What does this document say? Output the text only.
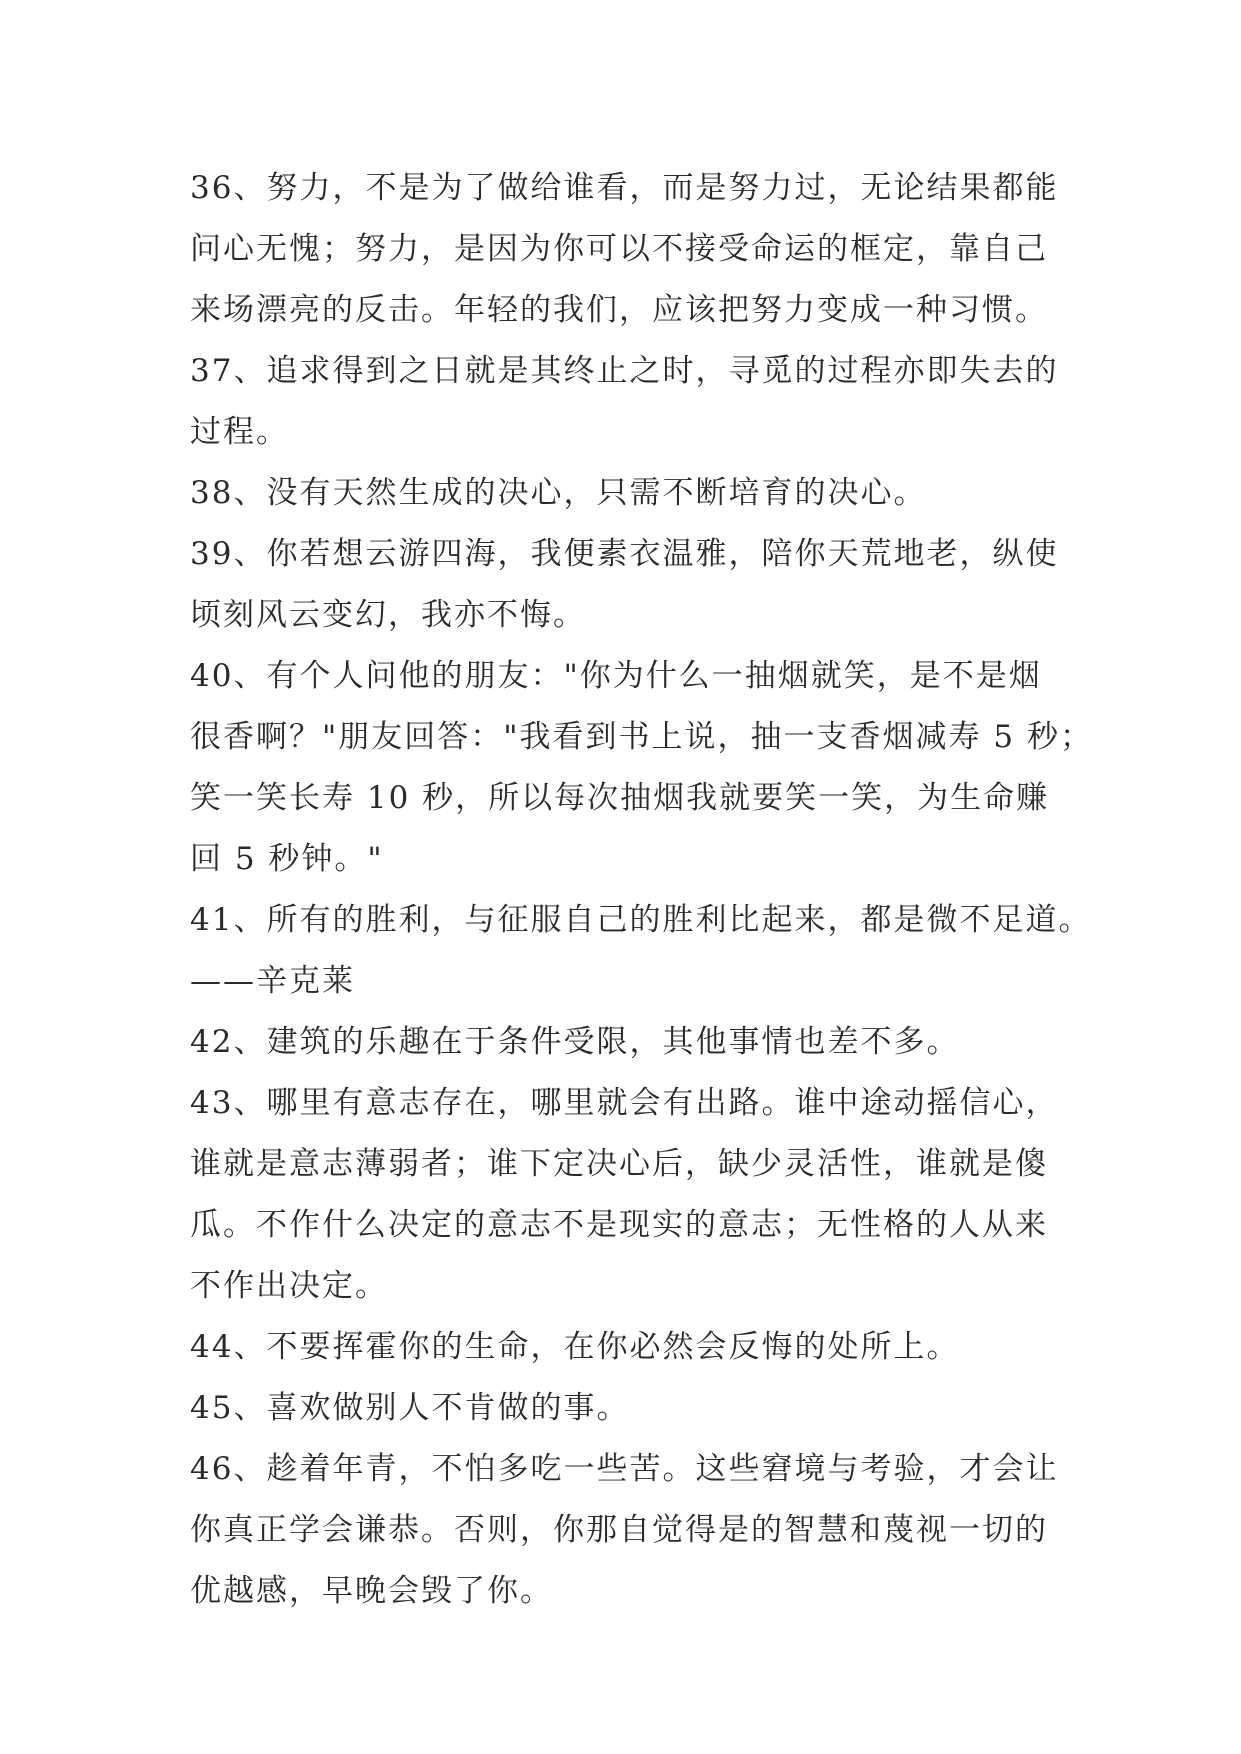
36、努力，不是为了做给谁看，而是努力过，无论结果都能
问心无愧；努力，是因为你可以不接受命运的框定，靠自己
来场漂亮的反击。年轻的我们，应该把努力变成一种习惯。
37、追求得到之日就是其终止之时，寻觅的过程亦即失去的
过程。
38、没有天然生成的决心，只需不断培育的决心。
39、你若想云游四海，我便素衣温雅，陪你天荒地老，纵使
顷刻风云变幻，我亦不悔。
40、有个人问他的朋友："你为什么一抽烟就笑，是不是烟
很香啊？"朋友回答："我看到书上说，抽一支香烟减寿 5 秒；
笑一笑长寿 10 秒，所以每次抽烟我就要笑一笑，为生命赚
回 5 秒钟。"
41、所有的胜利，与征服自己的胜利比起来，都是微不足道。
——辛克莱
42、建筑的乐趣在于条件受限，其他事情也差不多。
43、哪里有意志存在，哪里就会有出路。谁中途动摇信心，
谁就是意志薄弱者；谁下定决心后，缺少灵活性，谁就是傻
瓜。不作什么决定的意志不是现实的意志；无性格的人从来
不作出决定。
44、不要挥霍你的生命，在你必然会反悔的处所上。
45、喜欢做别人不肯做的事。
46、趁着年青，不怕多吃一些苦。这些窘境与考验，才会让
你真正学会谦恭。否则，你那自觉得是的智慧和蔑视一切的
优越感，早晚会毁了你。
